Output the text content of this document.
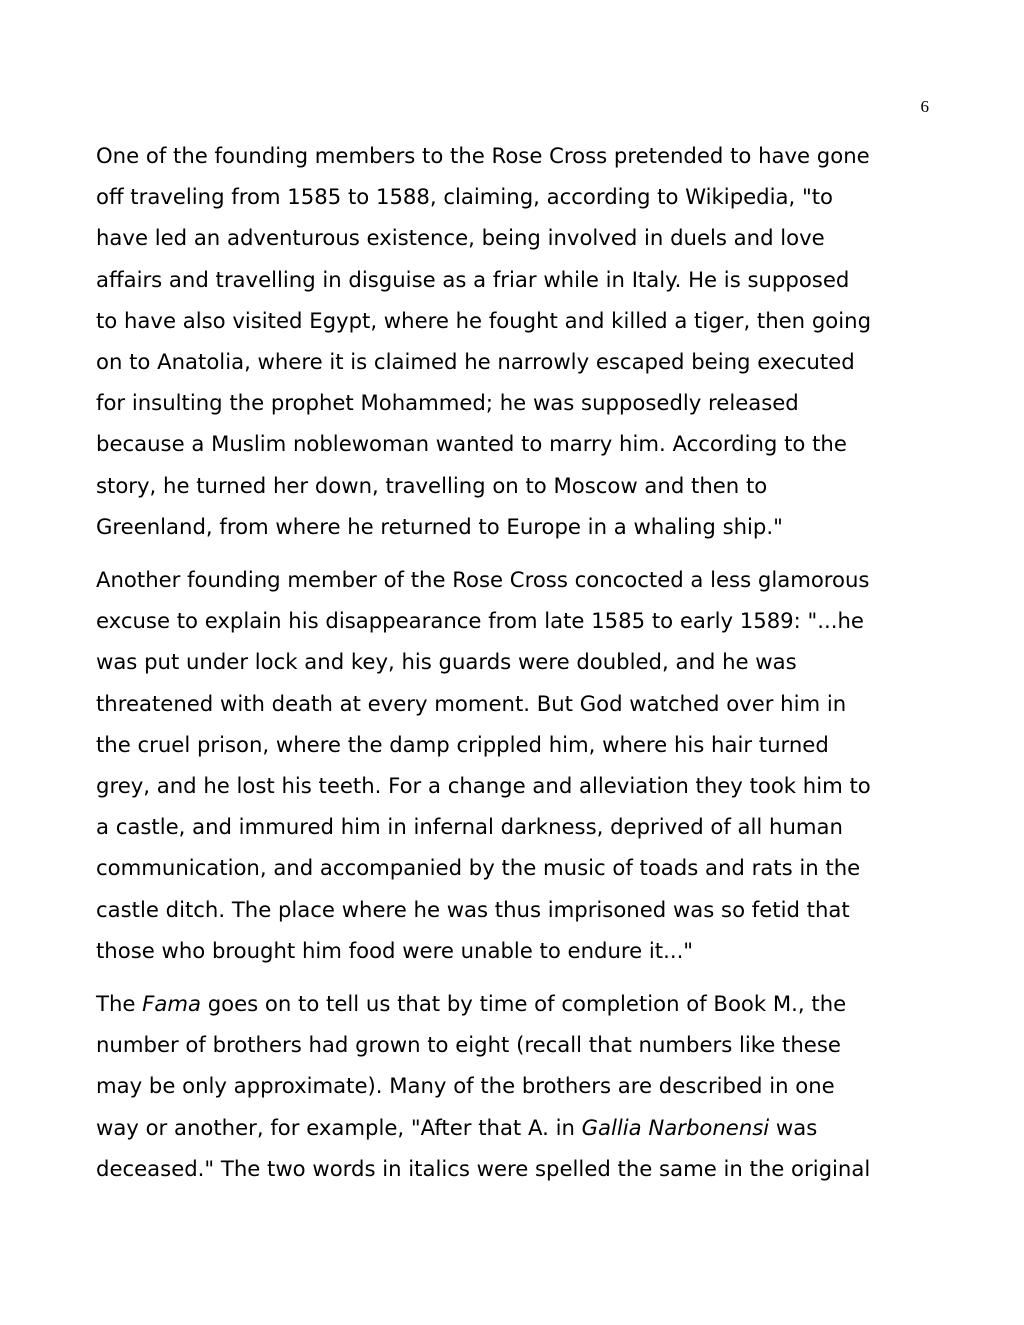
6

One of the founding members to the Rose Cross pretended to have gone
off traveling from 1585 to 1588, claiming, according to Wikipedia, "to
have led an adventurous existence, being involved in duels and love
affairs and travelling in disguise as a friar while in Italy. He is supposed
to have also visited Egypt, where he fought and killed a tiger, then going
on to Anatolia, where it is claimed he narrowly escaped being executed
for insulting the prophet Mohammed; he was supposedly released
because a Muslim noblewoman wanted to marry him. According to the
story, he turned her down, travelling on to Moscow and then to
Greenland, from where he returned to Europe in a whaling ship."

Another founding member of the Rose Cross concocted a less glamorous
excuse to explain his disappearance from late 1585 to early 1589: "...he
was put under lock and key, his guards were doubled, and he was
threatened with death at every moment. But God watched over him in
the cruel prison, where the damp crippled him, where his hair turned
grey, and he lost his teeth. For a change and alleviation they took him to
a castle, and immured him in infernal darkness, deprived of all human
communication, and accompanied by the music of toads and rats in the
castle ditch. The place where he was thus imprisoned was so fetid that
those who brought him food were unable to endure it..."

The Fama goes on to tell us that by time of completion of Book M., the
number of brothers had grown to eight (recall that numbers like these
may be only approximate). Many of the brothers are described in one
way or another, for example, "After that A. in Gallia Narbonensi was
deceased." The two words in italics were spelled the same in the original
